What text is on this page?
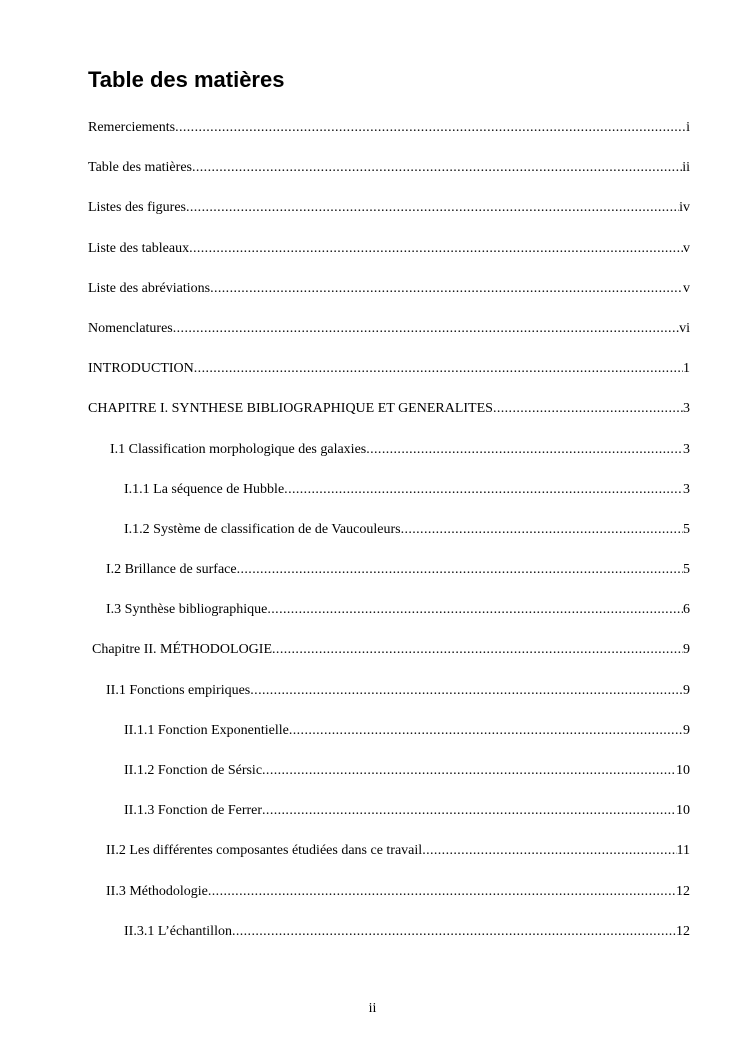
Table des matières
Remerciements .....	i
Table des matières .....	ii
Listes des figures .....	iv
Liste des tableaux .....	v
Liste des abréviations .....	v
Nomenclatures .....	vi
INTRODUCTION .....	1
CHAPITRE I. SYNTHESE BIBLIOGRAPHIQUE ET GENERALITES .....	3
I.1 Classification morphologique des galaxies .....	3
I.1.1 La séquence de Hubble .....	3
I.1.2 Système de classification de de Vaucouleurs .....	5
I.2 Brillance de surface .....	5
I.3 Synthèse bibliographique .....	6
Chapitre II. MÉTHODOLOGIE .....	9
II.1 Fonctions empiriques .....	9
II.1.1 Fonction Exponentielle .....	9
II.1.2 Fonction de Sérsic .....	10
II.1.3 Fonction de Ferrer .....	10
II.2 Les différentes composantes étudiées dans ce travail .....	11
II.3 Méthodologie .....	12
II.3.1 L’échantillon .....	12
ii
